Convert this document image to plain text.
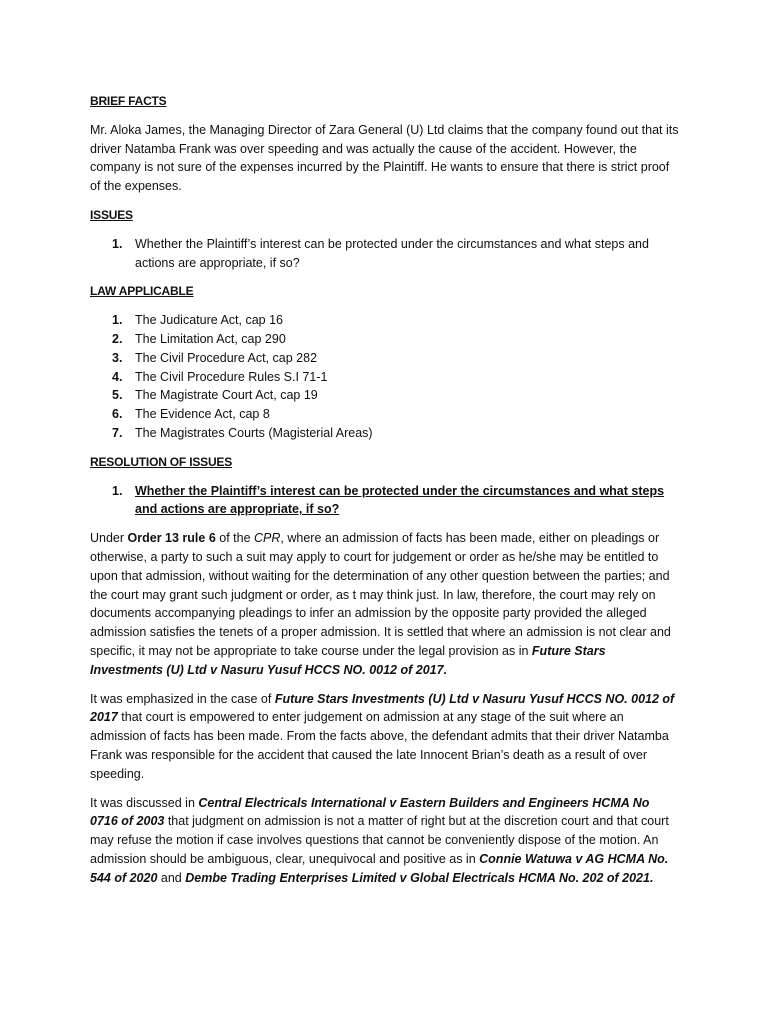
BRIEF FACTS

Mr. Aloka James, the Managing Director of Zara General (U) Ltd claims that the company found out that its driver Natamba Frank was over speeding and was actually the cause of the accident. However, the company is not sure of the expenses incurred by the Plaintiff. He wants to ensure that there is strict proof of the expenses.

ISSUES
1. Whether the Plaintiff’s interest can be protected under the circumstances and what steps and actions are appropriate, if so?
LAW APPLICABLE
1. The Judicature Act, cap 16
2. The Limitation Act, cap 290
3. The Civil Procedure Act, cap 282
4. The Civil Procedure Rules S.I 71-1
5. The Magistrate Court Act, cap 19
6. The Evidence Act, cap 8
7. The Magistrates Courts (Magisterial Areas)
RESOLUTION OF ISSUES
1. Whether the Plaintiff’s interest can be protected under the circumstances and what steps and actions are appropriate, if so?

Under Order 13 rule 6 of the CPR, where an admission of facts has been made, either on pleadings or otherwise, a party to such a suit may apply to court for judgement or order as he/she may be entitled to upon that admission, without waiting for the determination of any other question between the parties; and the court may grant such judgment or order, as t may think just. In law, therefore, the court may rely on documents accompanying pleadings to infer an admission by the opposite party provided the alleged admission satisfies the tenets of a proper admission. It is settled that where an admission is not clear and specific, it may not be appropriate to take course under the legal provision as in Future Stars Investments (U) Ltd v Nasuru Yusuf HCCS NO. 0012 of 2017.

It was emphasized in the case of Future Stars Investments (U) Ltd v Nasuru Yusuf HCCS NO. 0012 of 2017 that court is empowered to enter judgement on admission at any stage of the suit where an admission of facts has been made. From the facts above, the defendant admits that their driver Natamba Frank was responsible for the accident that caused the late Innocent Brian’s death as a result of over speeding.

It was discussed in Central Electricals International v Eastern Builders and Engineers HCMA No 0716 of 2003 that judgment on admission is not a matter of right but at the discretion court and that court may refuse the motion if case involves questions that cannot be conveniently dispose of the motion. An admission should be ambiguous, clear, unequivocal and positive as in Connie Watuwa v AG HCMA No. 544 of 2020 and Dembe Trading Enterprises Limited v Global Electricals HCMA No. 202 of 2021.
